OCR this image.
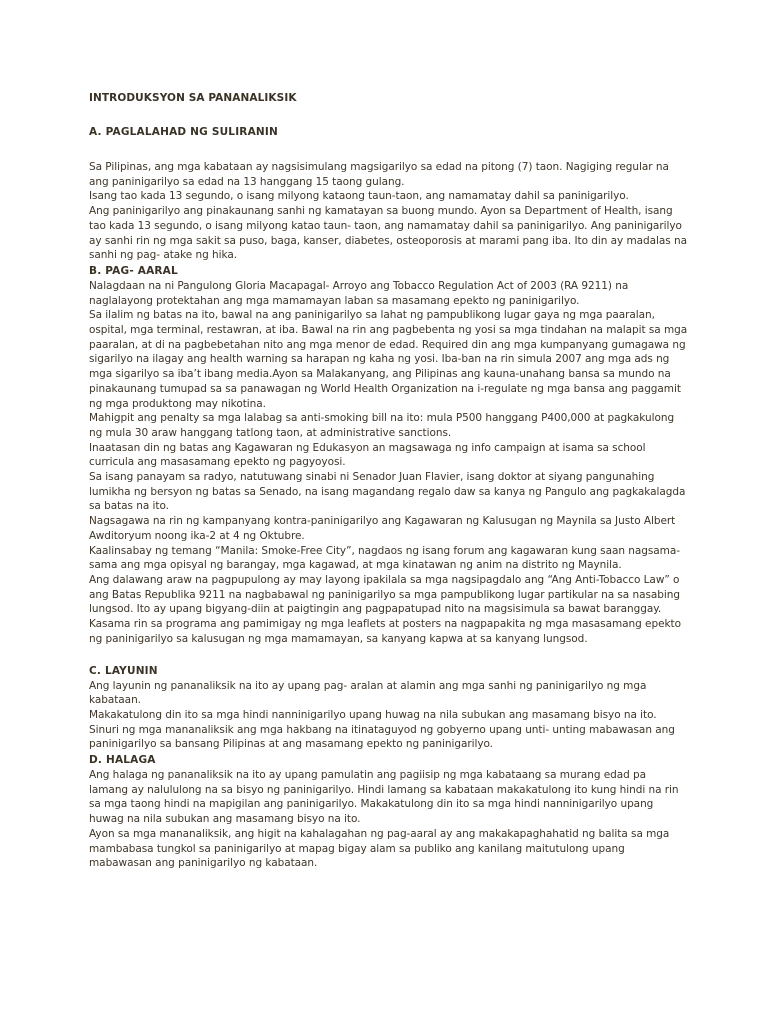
INTRODUKSYON SA PANANALIKSIK
A. PAGLALAHAD NG SULIRANIN

Sa Pilipinas, ang mga kabataan ay nagsisimulang magsigarilyo sa edad na pitong (7) taon. Nagiging regular na ang paninigarilyo sa edad na 13 hanggang 15 taong gulang.

Isang tao kada 13 segundo, o isang milyong kataong taun-taon, ang namamatay dahil sa paninigarilyo.

Ang paninigarilyo ang pinakaunang sanhi ng kamatayan sa buong mundo. Ayon sa Department of Health, isang tao kada 13 segundo, o isang milyong katao taun- taon, ang namamatay dahil sa paninigarilyo. Ang paninigarilyo ay sanhi rin ng mga sakit sa puso, baga, kanser, diabetes, osteoporosis at marami pang iba. Ito din ay madalas na sanhi ng pag- atake ng hika.

B. PAG- AARAL

Nalagdaan na ni Pangulong Gloria Macapagal- Arroyo ang Tobacco Regulation Act of 2003 (RA 9211) na naglalayong protektahan ang mga mamamayan laban sa masamang epekto ng paninigarilyo.

Sa ilalim ng batas na ito, bawal na ang paninigarilyo sa lahat ng pampublikong lugar gaya ng mga paaralan, ospital, mga terminal, restawran, at iba. Bawal na rin ang pagbebenta ng yosi sa mga tindahan na malapit sa mga paaralan, at di na pagbebetahan nito ang mga menor de edad. Required din ang mga kumpanyang gumagawa ng sigarilyo na ilagay ang health warning sa harapan ng kaha ng yosi. Iba-ban na rin simula 2007 ang mga ads ng mga sigarilyo sa iba’t ibang media.Ayon sa Malakanyang, ang Pilipinas ang kauna-unahang bansa sa mundo na pinakaunang tumupad sa sa panawagan ng World Health Organization na i-regulate ng mga bansa ang paggamit ng mga produktong may nikotina.

Mahigpit ang penalty sa mga lalabag sa anti-smoking bill na ito: mula P500 hanggang P400,000 at pagkakulong ng mula 30 araw hanggang tatlong taon, at administrative sanctions.

Inaatasan din ng batas ang Kagawaran ng Edukasyon an magsawaga ng info campaign at isama sa school curricula ang masasamang epekto ng pagyoyosi.

Sa isang panayam sa radyo, natutuwang sinabi ni Senador Juan Flavier, isang doktor at siyang pangunahing lumikha ng bersyon ng batas sa Senado, na isang magandang regalo daw sa kanya ng Pangulo ang pagkakalagda sa batas na ito.

Nagsagawa na rin ng kampanyang kontra-paninigarilyo ang Kagawaran ng Kalusugan ng Maynila sa Justo Albert Awditoryum noong ika-2 at 4 ng Oktubre.

Kaalinsabay ng temang “Manila: Smoke-Free City”, nagdaos ng isang forum ang kagawaran kung saan nagsama-sama ang mga opisyal ng barangay, mga kagawad, at mga kinatawan ng anim na distrito ng Maynila.

Ang dalawang araw na pagpupulong ay may layong ipakilala sa mga nagsipagdalo ang “Ang Anti-Tobacco Law” o ang Batas Republika 9211 na nagbabawal ng paninigarilyo sa mga pampublikong lugar partikular na sa nasabing lungsod. Ito ay upang bigyang-diin at paigtingin ang pagpapatupad nito na magsisimula sa bawat baranggay.

Kasama rin sa programa ang pamimigay ng mga leaflets at posters na nagpapakita ng mga masasamang epekto ng paninigarilyo sa kalusugan ng mga mamamayan, sa kanyang kapwa at sa kanyang lungsod.

C. LAYUNIN

Ang layunin ng pananaliksik na ito ay upang pag- aralan at alamin ang mga sanhi ng paninigarilyo ng mga kabataan.

Makakatulong din ito sa mga hindi nanninigarilyo upang huwag na nila subukan ang masamang bisyo na ito.

Sinuri ng mga mananaliksik ang mga hakbang na itinataguyod ng gobyerno upang unti- unting mabawasan ang paninigarilyo sa bansang Pilipinas at ang masamang epekto ng paninigarilyo.

D. HALAGA

Ang halaga ng pananaliksik na ito ay upang pamulatin ang pagiisip ng mga kabataang sa murang edad pa lamang ay nalululong na sa bisyo ng paninigarilyo. Hindi lamang sa kabataan makakatulong ito kung hindi na rin sa mga taong hindi na mapigilan ang paninigarilyo. Makakatulong din ito sa mga hindi nanninigarilyo upang huwag na nila subukan ang masamang bisyo na ito.

Ayon sa mga mananaliksik, ang higit na kahalagahan ng pag-aaral ay ang makakapaghahatid ng balita sa mga mambabasa tungkol sa paninigarilyo at mapag bigay alam sa publiko ang kanilang maitutulong upang mabawasan ang paninigarilyo ng kabataan.
